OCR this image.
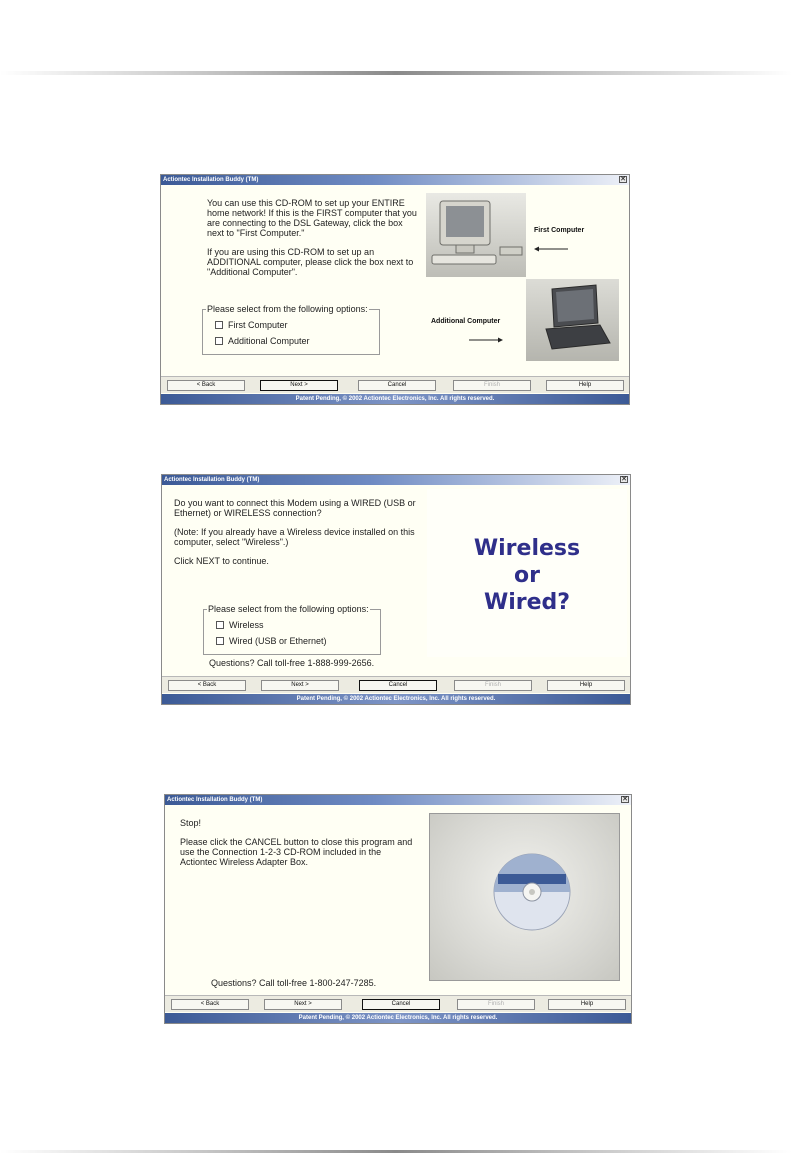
Actiontec Installation Buddy (TM)	✕

You can use this CD-ROM to set up your ENTIRE home network! If this is the FIRST computer that you are connecting to the DSL Gateway, click the box next to "First Computer."

If you are using this CD-ROM to set up an ADDITIONAL computer, please click the box next to "Additional Computer".

Please select from the following options:
First Computer
Additional Computer
First Computer
Additional Computer
< Back	Next >	Cancel	Finish	Help
Patent Pending, © 2002 Actiontec Electronics, Inc. All rights reserved.
Actiontec Installation Buddy (TM)	✕

Do you want to connect this Modem using a WIRED (USB or Ethernet) or WIRELESS connection?

(Note: If you already have a Wireless device installed on this computer, select "Wireless".)

Click NEXT to continue.

Please select from the following options:
Wireless
Wired (USB or Ethernet)
Questions? Call toll-free 1-888-999-2656.
Wireless
or
Wired?
< Back	Next >	Cancel	Finish	Help
Patent Pending, © 2002 Actiontec Electronics, Inc. All rights reserved.
Actiontec Installation Buddy (TM)	✕

Stop!

Please click the CANCEL button to close this program and use the Connection 1-2-3 CD-ROM included in the Actiontec Wireless Adapter Box.

Questions? Call toll-free 1-800-247-7285.
< Back	Next >	Cancel	Finish	Help
Patent Pending, © 2002 Actiontec Electronics, Inc. All rights reserved.
